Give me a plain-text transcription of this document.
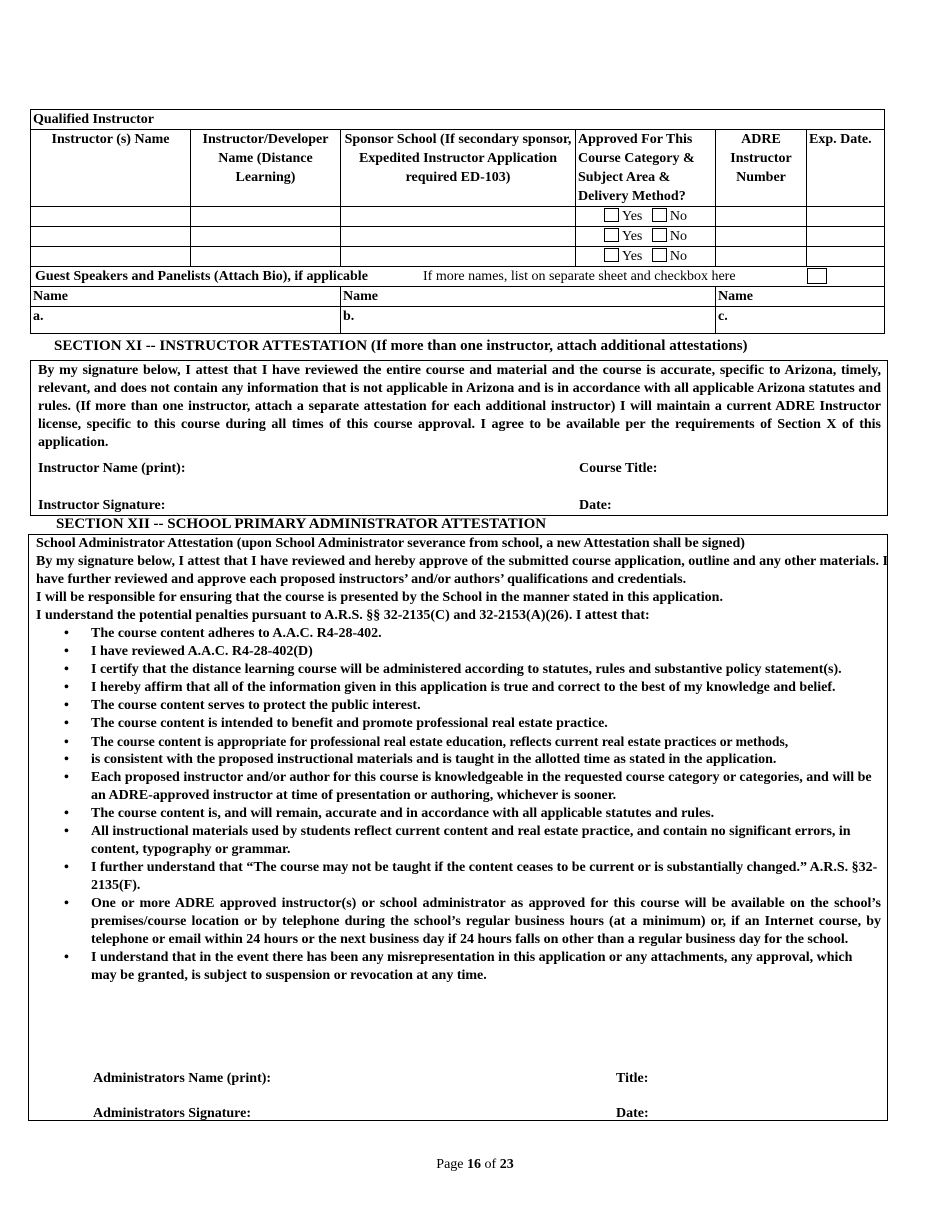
Qualified Instructor					
Instructor (s) Name	Instructor/Developer Name (Distance Learning)	Sponsor School (If secondary sponsor, Expedited Instructor Application required ED-103)	Approved For This Course Category & Subject Area & Delivery Method?	ADRE Instructor Number	Exp. Date.
			Yes No		
			Yes No		
			Yes No		

Guest Speakers and Panelists (Attach Bio), if applicable If more names, list on separate sheet and checkbox here					

Name		Name		Name	
a.		b.		c.	
SECTION XI -- INSTRUCTOR ATTESTATION (If more than one instructor, attach additional attestations)
By my signature below, I attest that I have reviewed the entire course and material and the course is accurate, specific to Arizona, timely, relevant, and does not contain any information that is not applicable in Arizona and is in accordance with all applicable Arizona statutes and rules. (If more than one instructor, attach a separate attestation for each additional instructor) I will maintain a current ADRE Instructor license, specific to this course during all times of this course approval. I agree to be available per the requirements of Section X of this application.
Instructor Name (print):	Course Title:
Instructor Signature:	Date:
SECTION XII -- SCHOOL PRIMARY ADMINISTRATOR ATTESTATION
School Administrator Attestation (upon School Administrator severance from school, a new Attestation shall be signed)
By my signature below, I attest that I have reviewed and hereby approve of the submitted course application, outline and any other materials. I have further reviewed and approve each proposed instructors’ and/or authors’ qualifications and credentials.
I will be responsible for ensuring that the course is presented by the School in the manner stated in this application.
I understand the potential penalties pursuant to A.R.S. §§ 32-2135(C) and 32-2153(A)(26). I attest that:
• The course content adheres to A.A.C. R4-28-402.
• I have reviewed A.A.C. R4-28-402(D)
• I certify that the distance learning course will be administered according to statutes, rules and substantive policy statement(s).
• I hereby affirm that all of the information given in this application is true and correct to the best of my knowledge and belief.
• The course content serves to protect the public interest.
• The course content is intended to benefit and promote professional real estate practice.
• The course content is appropriate for professional real estate education, reflects current real estate practices or methods,
• is consistent with the proposed instructional materials and is taught in the allotted time as stated in the application.
• Each proposed instructor and/or author for this course is knowledgeable in the requested course category or categories, and will be an ADRE-approved instructor at time of presentation or authoring, whichever is sooner.
• The course content is, and will remain, accurate and in accordance with all applicable statutes and rules.
• All instructional materials used by students reflect current content and real estate practice, and contain no significant errors, in content, typography or grammar.
• I further understand that “The course may not be taught if the content ceases to be current or is substantially changed.” A.R.S. §32-2135(F).
• One or more ADRE approved instructor(s) or school administrator as approved for this course will be available on the school’s premises/course location or by telephone during the school’s regular business hours (at a minimum) or, if an Internet course, by telephone or email within 24 hours or the next business day if 24 hours falls on other than a regular business day for the school.
• I understand that in the event there has been any misrepresentation in this application or any attachments, any approval, which may be granted, is subject to suspension or revocation at any time.
Administrators Name (print):	Title:
Administrators Signature:	Date:
Page 16 of 23
